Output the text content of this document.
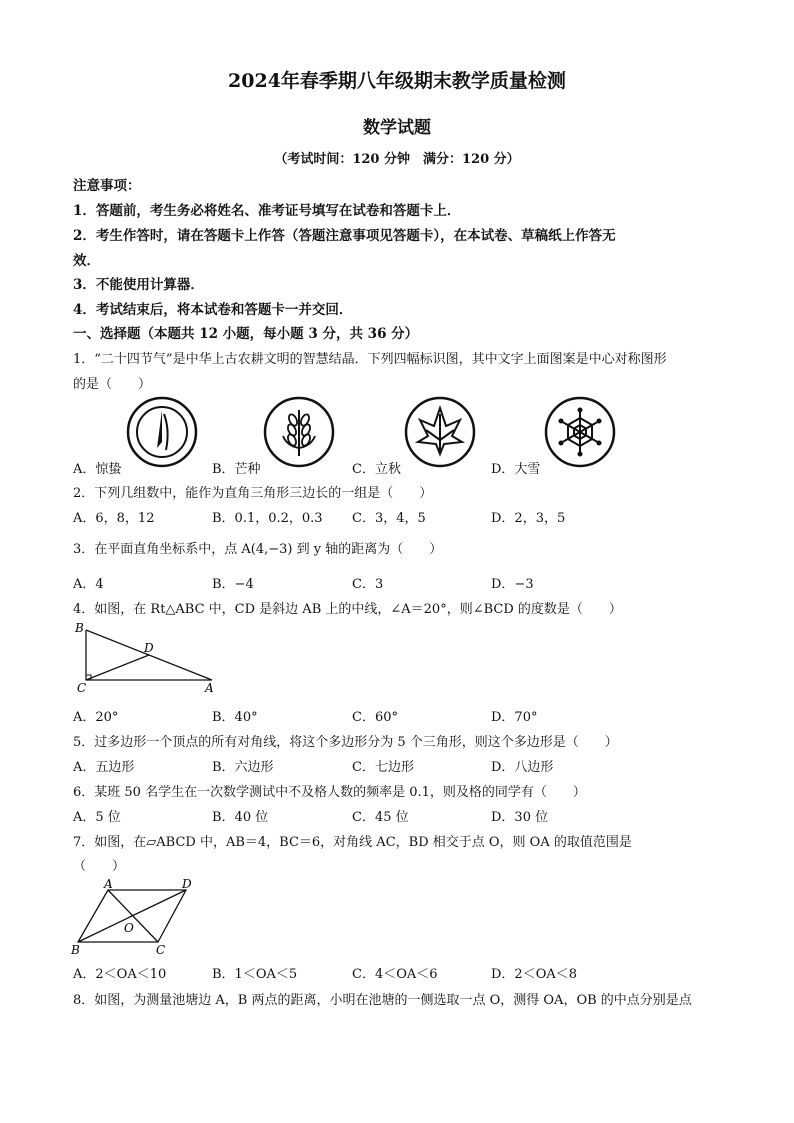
2024年春季期八年级期末教学质量检测
数学试题
（考试时间：120 分钟　满分：120 分）
注意事项：
1．答题前，考生务必将姓名、准考证号填写在试卷和答题卡上．
2．考生作答时，请在答题卡上作答（答题注意事项见答题卡），在本试卷、草稿纸上作答无
效．
3．不能使用计算器．
4．考试结束后，将本试卷和答题卡一并交回．
一、选择题（本题共 12 小题，每小题 3 分，共 36 分）
1．“二十四节气”是中华上古农耕文明的智慧结晶．下列四幅标识图，其中文字上面图案是中心对称图形
的是（　　）
A．惊蛰	B．芒种	C．立秋	D．大雪
2．下列几组数中，能作为直角三角形三边长的一组是（　　）
A．6，8，12	B．0.1，0.2，0.3 C．3，4，5	D．2，3，5
3．在平面直角坐标系中，点 A(4,−3) 到 y 轴的距离为（　　）
A．4	B．−4	C．3	D．−3
4．如图，在 Rt△ABC 中，CD 是斜边 AB 上的中线，∠A＝20°，则∠BCD 的度数是（　　）
B
D
C	A
A．20°	B．40°	C．60°	D．70°
5．过多边形一个顶点的所有对角线，将这个多边形分为 5 个三角形，则这个多边形是（　　）
A．五边形	B．六边形	C．七边形	D．八边形
6．某班 50 名学生在一次数学测试中不及格人数的频率是 0.1，则及格的同学有（　　）
A．5 位	B．40 位	C．45 位	D．30 位
7．如图，在▱ABCD 中，AB＝4，BC＝6，对角线 AC，BD 相交于点 O，则 OA 的取值范围是
（　　）
A	D
O
B	C
A．2＜OA＜10	B．1＜OA＜5	C．4＜OA＜6	D．2＜OA＜8
8．如图，为测量池塘边 A，B 两点的距离，小明在池塘的一侧选取一点 O，测得 OA，OB 的中点分别是点
